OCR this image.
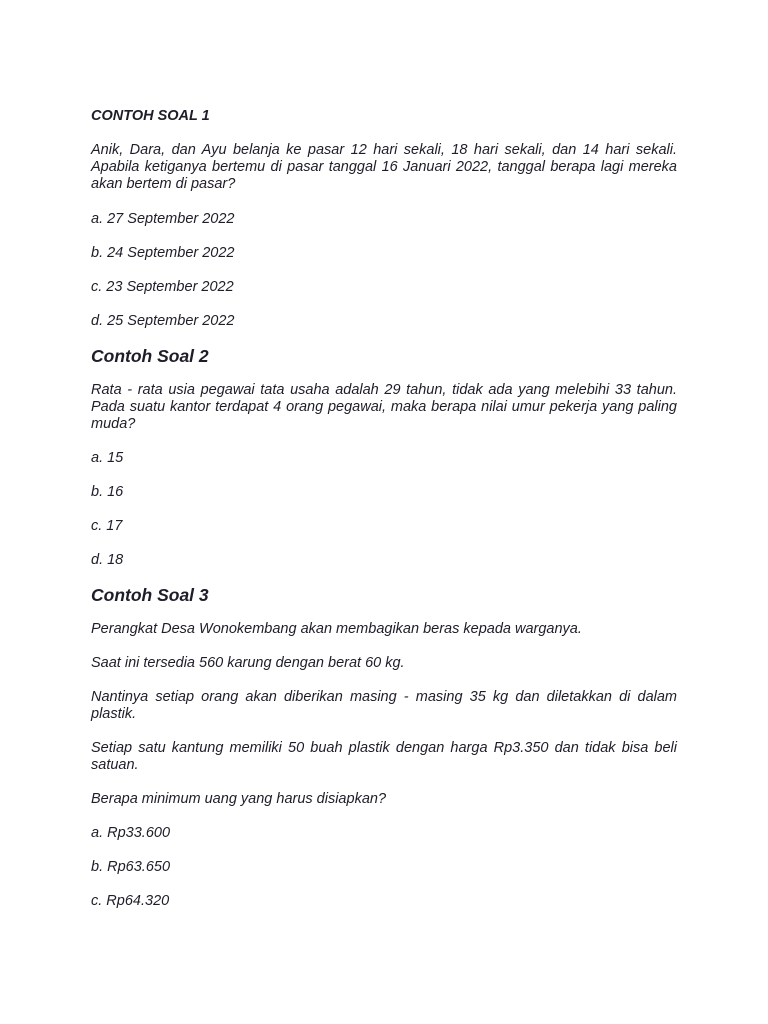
CONTOH SOAL 1
Anik, Dara, dan Ayu belanja ke pasar 12 hari sekali, 18 hari sekali, dan 14 hari sekali. Apabila ketiganya bertemu di pasar tanggal 16 Januari 2022, tanggal berapa lagi mereka akan bertem di pasar?
a. 27 September 2022
b. 24 September 2022
c. 23 September 2022
d. 25 September 2022
Contoh Soal 2
Rata - rata usia pegawai tata usaha adalah 29 tahun, tidak ada yang melebihi 33 tahun. Pada suatu kantor terdapat 4 orang pegawai, maka berapa nilai umur pekerja yang paling muda?
a. 15
b. 16
c. 17
d. 18
Contoh Soal 3
Perangkat Desa Wonokembang akan membagikan beras kepada warganya.
Saat ini tersedia 560 karung dengan berat 60 kg.
Nantinya setiap orang akan diberikan masing - masing 35 kg dan diletakkan di dalam plastik.
Setiap satu kantung memiliki 50 buah plastik dengan harga Rp3.350 dan tidak bisa beli satuan.
Berapa minimum uang yang harus disiapkan?
a. Rp33.600
b. Rp63.650
c. Rp64.320
